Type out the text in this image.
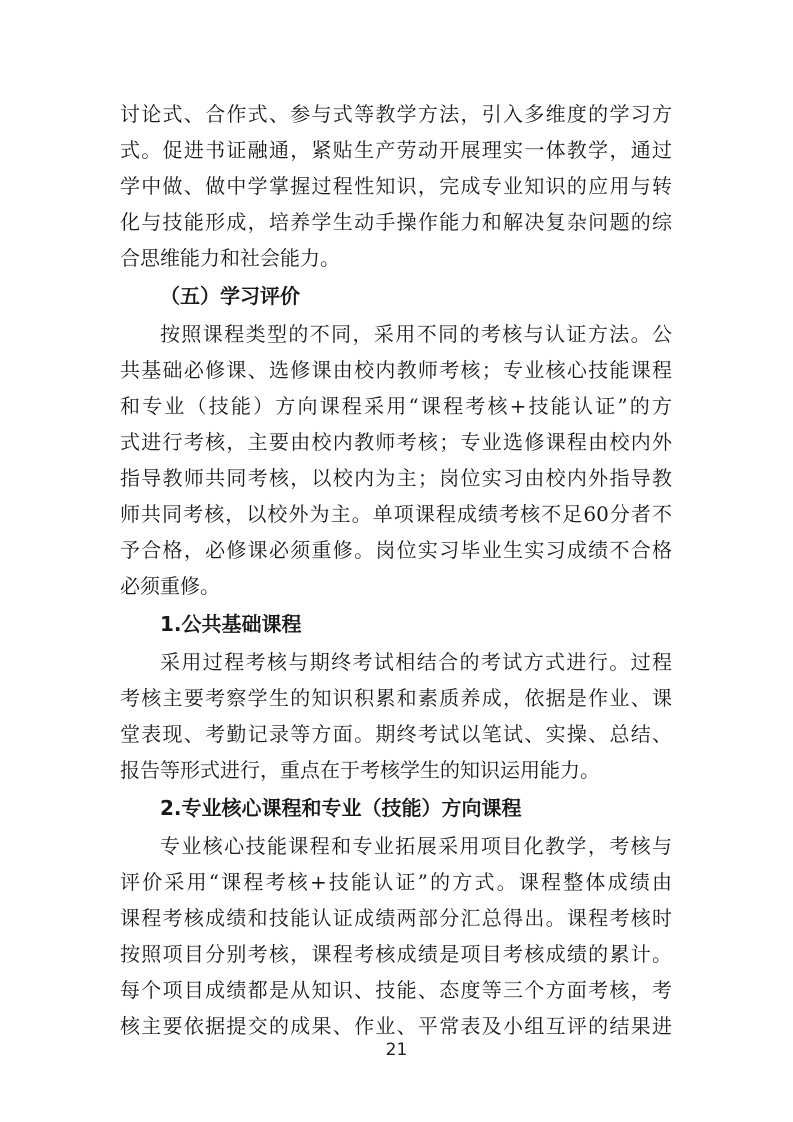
讨论式、合作式、参与式等教学方法，引入多维度的学习方
式。促进书证融通，紧贴生产劳动开展理实一体教学，通过
学中做、做中学掌握过程性知识，完成专业知识的应用与转
化与技能形成，培养学生动手操作能力和解决复杂问题的综
合思维能力和社会能力。
（五）学习评价
按照课程类型的不同，采用不同的考核与认证方法。公
共基础必修课、选修课由校内教师考核；专业核心技能课程
和专业（技能）方向课程采用“课程考核+技能认证”的方
式进行考核，主要由校内教师考核；专业选修课程由校内外
指导教师共同考核，以校内为主；岗位实习由校内外指导教
师共同考核，以校外为主。单项课程成绩考核不足60分者不
予合格，必修课必须重修。岗位实习毕业生实习成绩不合格
必须重修。
1.公共基础课程
采用过程考核与期终考试相结合的考试方式进行。过程
考核主要考察学生的知识积累和素质养成，依据是作业、课
堂表现、考勤记录等方面。期终考试以笔试、实操、总结、
报告等形式进行，重点在于考核学生的知识运用能力。
2.专业核心课程和专业（技能）方向课程
专业核心技能课程和专业拓展采用项目化教学，考核与
评价采用“课程考核+技能认证”的方式。课程整体成绩由
课程考核成绩和技能认证成绩两部分汇总得出。课程考核时
按照项目分别考核，课程考核成绩是项目考核成绩的累计。
每个项目成绩都是从知识、技能、态度等三个方面考核，考
核主要依据提交的成果、作业、平常表及小组互评的结果进
21
